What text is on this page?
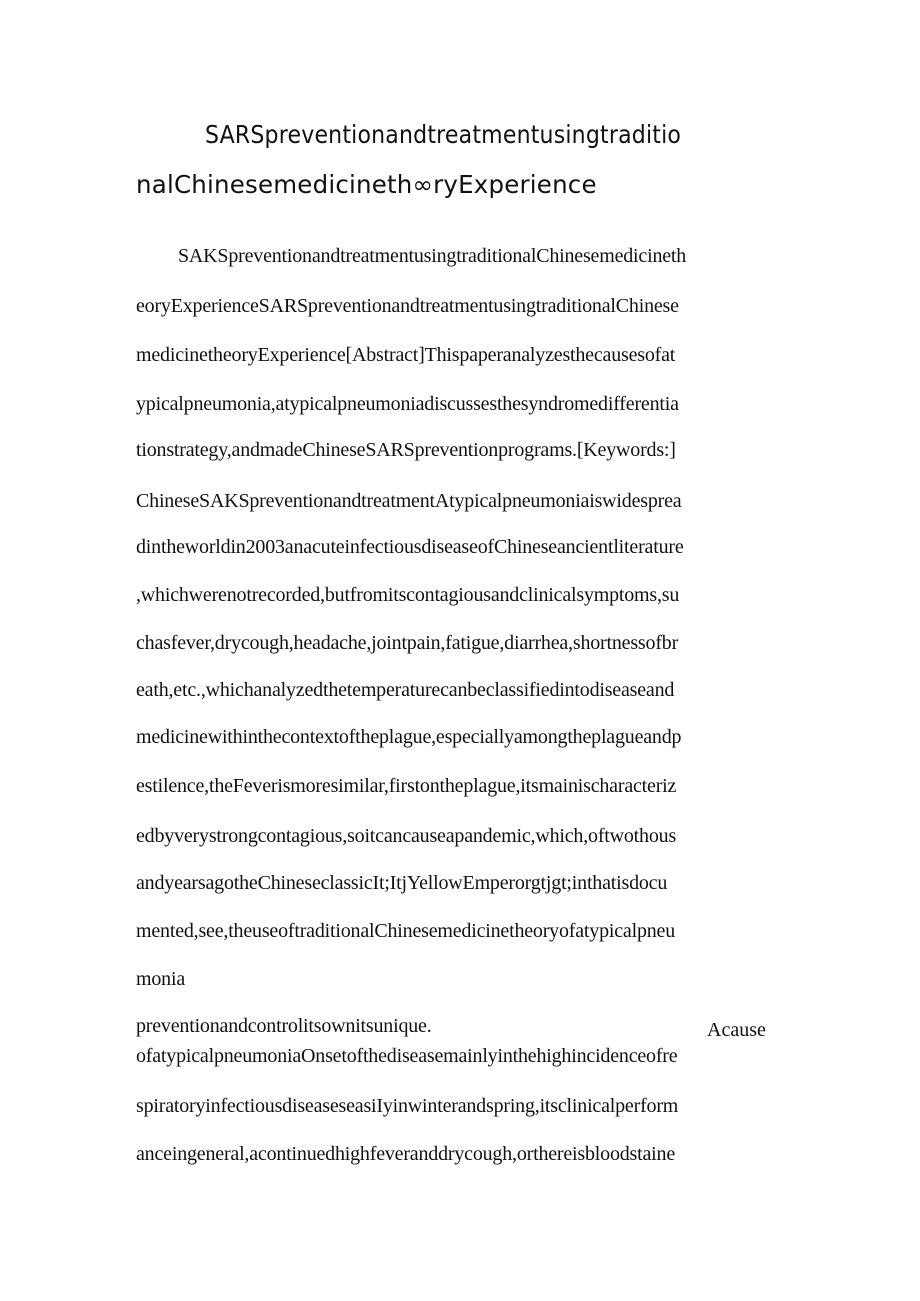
SARSpreventionandtreatmentusingtraditio
nalChinesemedicineth∞ryExperience
SAKSpreventionandtreatmentusingtraditionalChinesemedicineth
eoryExperienceSARSpreventionandtreatmentusingtraditionalChinese
medicinetheoryExperience[Abstract]Thispaperanalyzesthecausesofat
ypicalpneumonia,atypicalpneumoniadiscussesthesyndromedifferentia
tionstrategy,andmadeChineseSARSpreventionprograms.[Keywords:]
ChineseSAKSpreventionandtreatmentAtypicalpneumoniaiswidesprea
dintheworldin2003anacuteinfectiousdiseaseofChineseancientliterature
,whichwerenotrecorded,butfromitscontagiousandclinicalsymptoms,su
chasfever,drycough,headache,jointpain,fatigue,diarrhea,shortnessofbr
eath,etc.,whichanalyzedthetemperaturecanbeclassifiedintodiseaseand
medicinewithinthecontextoftheplague,especiallyamongtheplagueandp
estilence,theFeverismoresimilar,firstontheplague,itsmainischaracteriz
edbyverystrongcontagious,soitcancauseapandemic,which,oftwothous
andyearsagotheChineseclassicIt;ItjYellowEmperorgtjgt;inthatisdocu
mented,see,theuseoftraditionalChinesemedicinetheoryofatypicalpneu
monia
preventionandcontrolitsownitsunique.	Acause
ofatypicalpneumoniaOnsetofthediseasemainlyinthehighincidenceofre
spiratoryinfectiousdiseaseseasiIyinwinterandspring,itsclinicalperform
anceingeneral,acontinuedhighfeveranddrycough,orthereisbloodstaine
